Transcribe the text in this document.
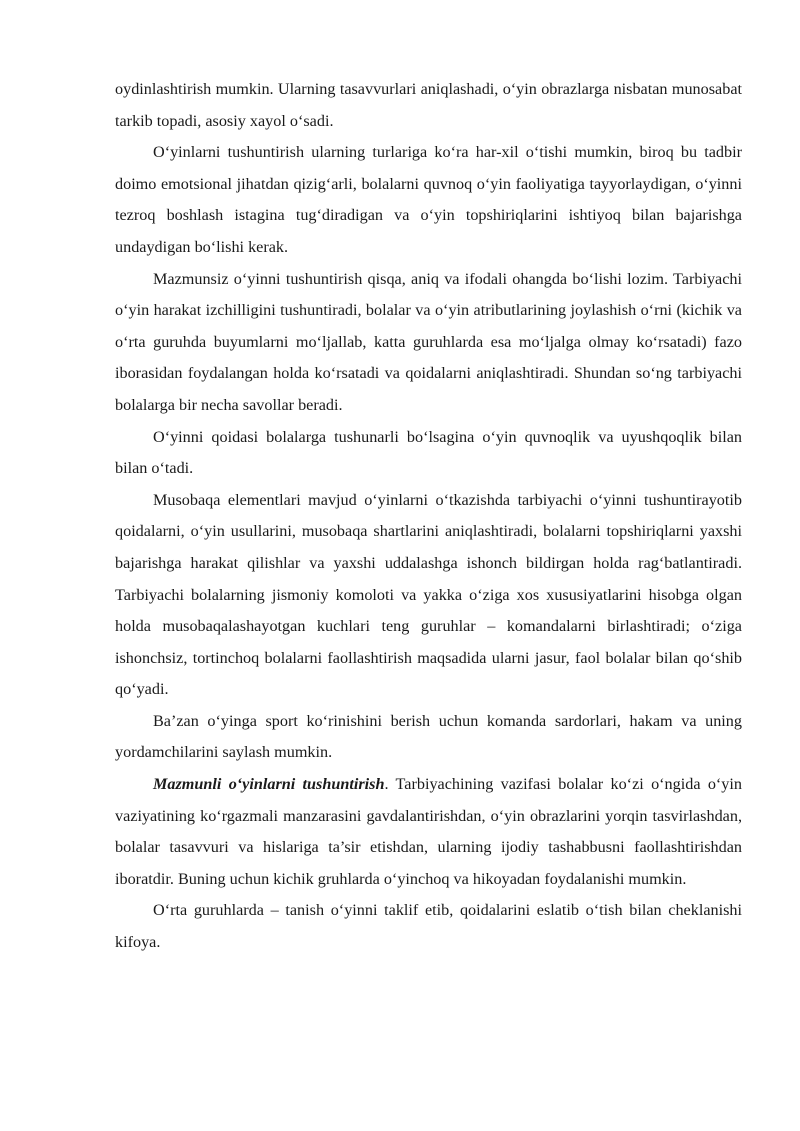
oydinlashtirish mumkin. Ularning tasavvurlari aniqlashadi, o‘yin obrazlarga nisbatan munosabat tarkib topadi, asosiy xayol o‘sadi.

O‘yinlarni tushuntirish ularning turlariga ko‘ra har-xil o‘tishi mumkin, biroq bu tadbir doimo emotsional jihatdan qizig‘arli, bolalarni quvnoq o‘yin faoliyatiga tayyorlaydigan, o‘yinni tezroq boshlash istagina tug‘diradigan va o‘yin topshiriqlarini ishtiyoq bilan bajarishga undaydigan bo‘lishi kerak.

Mazmunsiz o‘yinni tushuntirish qisqa, aniq va ifodali ohangda bo‘lishi lozim. Tarbiyachi o‘yin harakat izchilligini tushuntiradi, bolalar va o‘yin atributlarining joylashish o‘rni (kichik va o‘rta guruhda buyumlarni mo‘ljallab, katta guruhlarda esa mo‘ljalga olmay ko‘rsatadi) fazo iborasidan foydalangan holda ko‘rsatadi va qoidalarni aniqlashtiradi. Shundan so‘ng tarbiyachi bolalarga bir necha savollar beradi.

O‘yinni qoidasi bolalarga tushunarli bo‘lsagina o‘yin quvnoqlik va uyushqoqlik bilan bilan o‘tadi.

Musobaqa elementlari mavjud o‘yinlarni o‘tkazishda tarbiyachi o‘yinni tushuntirayotib qoidalarni, o‘yin usullarini, musobaqa shartlarini aniqlashtiradi, bolalarni topshiriqlarni yaxshi bajarishga harakat qilishlar va yaxshi uddalashga ishonch bildirgan holda rag‘batlantiradi. Tarbiyachi bolalarning jismoniy komoloti va yakka o‘ziga xos xususiyatlarini hisobga olgan holda musobaqalashayotgan kuchlari teng guruhlar – komandalarni birlashtiradi; o‘ziga ishonchsiz, tortinchoq bolalarni faollashtirish maqsadida ularni jasur, faol bolalar bilan qo‘shib qo‘yadi.

Ba’zan o‘yinga sport ko‘rinishini berish uchun komanda sardorlari, hakam va uning yordamchilarini saylash mumkin.

Mazmunli o‘yinlarni tushuntirish. Tarbiyachining vazifasi bolalar ko‘zi o‘ngida o‘yin vaziyatining ko‘rgazmali manzarasini gavdalantirishdan, o‘yin obrazlarini yorqin tasvirlashdan, bolalar tasavvuri va hislariga ta’sir etishdan, ularning ijodiy tashabbusni faollashtirishdan iboratdir. Buning uchun kichik gruhlarda o‘yinchoq va hikoyadan foydalanishi mumkin.

O‘rta guruhlarda – tanish o‘yinni taklif etib, qoidalarini eslatib o‘tish bilan cheklanishi kifoya.
